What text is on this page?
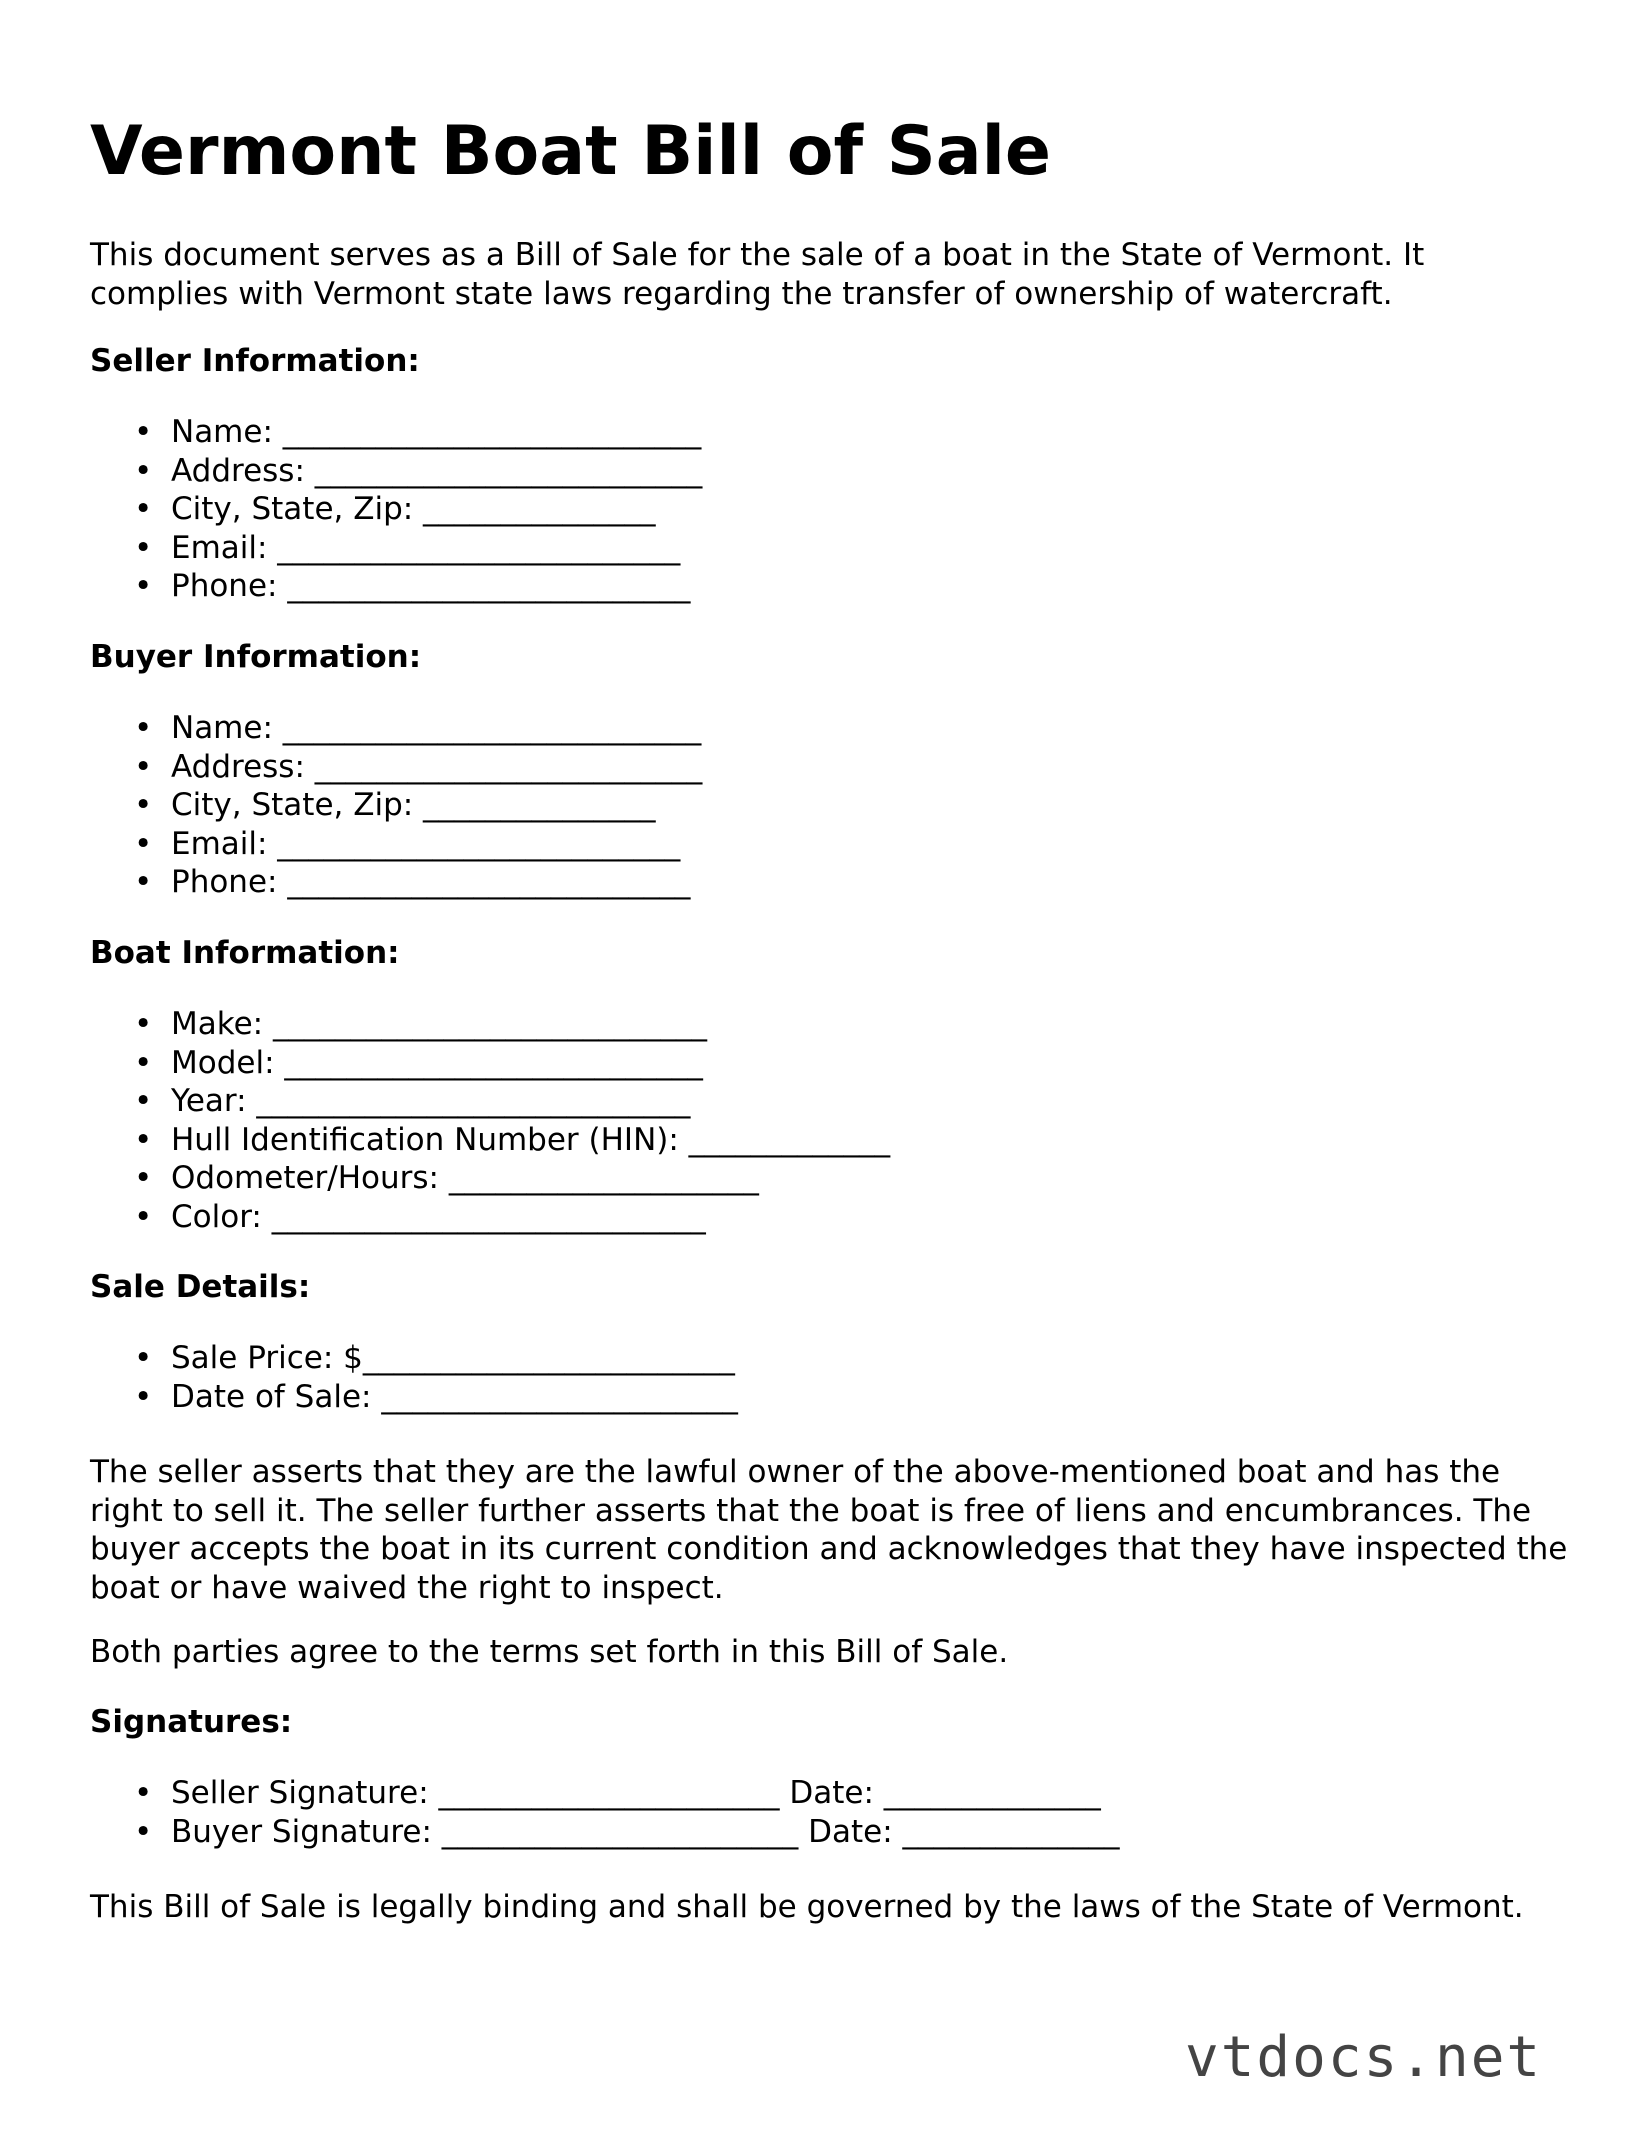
Vermont Boat Bill of Sale

This document serves as a Bill of Sale for the sale of a boat in the State of Vermont. It complies with Vermont state laws regarding the transfer of ownership of watercraft.

Seller Information:
• Name: ___________________________
• Address: _________________________
• City, State, Zip: _______________
• Email: __________________________
• Phone: __________________________
Buyer Information:
• Name: ___________________________
• Address: _________________________
• City, State, Zip: _______________
• Email: __________________________
• Phone: __________________________
Boat Information:
• Make: ____________________________
• Model: ___________________________
• Year: ____________________________
• Hull Identification Number (HIN): _____________
• Odometer/Hours: ____________________
• Color: ____________________________
Sale Details:
• Sale Price: $________________________
• Date of Sale: _______________________

The seller asserts that they are the lawful owner of the above-mentioned boat and has the right to sell it. The seller further asserts that the boat is free of liens and encumbrances. The buyer accepts the boat in its current condition and acknowledges that they have inspected the boat or have waived the right to inspect.

Both parties agree to the terms set forth in this Bill of Sale.

Signatures:
• Seller Signature: ______________________ Date: ______________
• Buyer Signature: _______________________ Date: ______________

This Bill of Sale is legally binding and shall be governed by the laws of the State of Vermont.

vtdocs.net
